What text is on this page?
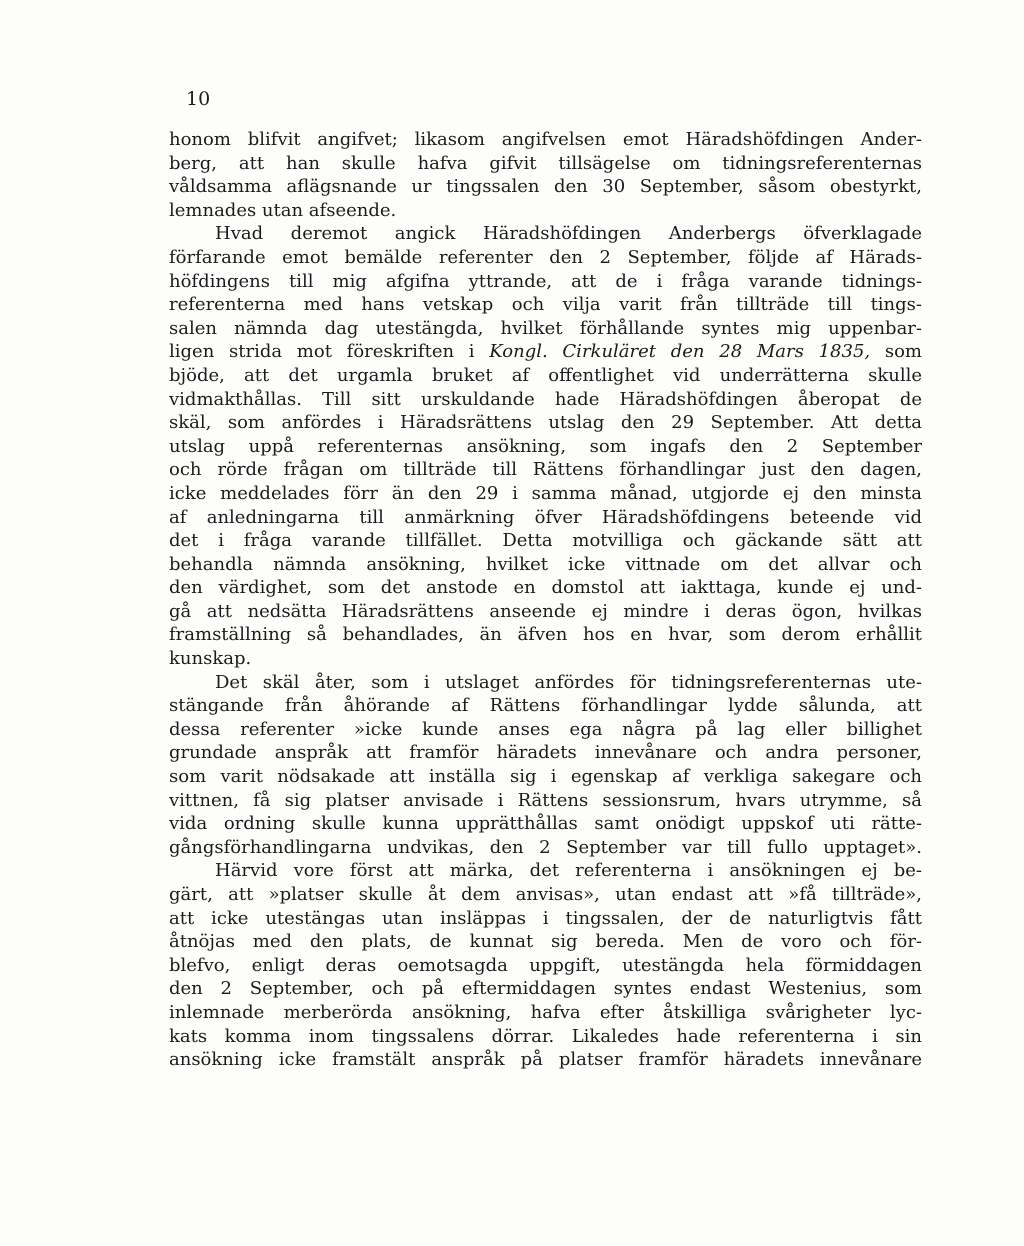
10
honom blifvit angifvet; likasom angifvelsen emot Häradshöfdingen Ander-
berg, att han skulle hafva gifvit tillsägelse om tidningsreferenternas
våldsamma aflägsnande ur tingssalen den 30 September, såsom obestyrkt,
lemnades utan afseende.
Hvad deremot angick Häradshöfdingen Anderbergs öfverklagade
förfarande emot bemälde referenter den 2 September, följde af Härads-
höfdingens till mig afgifna yttrande, att de i fråga varande tidnings-
referenterna med hans vetskap och vilja varit från tillträde till tings-
salen nämnda dag utestängda, hvilket förhållande syntes mig uppenbar-
ligen strida mot föreskriften i Kongl. Cirkuläret den 28 Mars 1835, som
bjöde, att det urgamla bruket af offentlighet vid underrätterna skulle
vidmakthållas. Till sitt urskuldande hade Häradshöfdingen åberopat de
skäl, som anfördes i Häradsrättens utslag den 29 September. Att detta
utslag uppå referenternas ansökning, som ingafs den 2 September
och rörde frågan om tillträde till Rättens förhandlingar just den dagen,
icke meddelades förr än den 29 i samma månad, utgjorde ej den minsta
af anledningarna till anmärkning öfver Häradshöfdingens beteende vid
det i fråga varande tillfället. Detta motvilliga och gäckande sätt att
behandla nämnda ansökning, hvilket icke vittnade om det allvar och
den värdighet, som det anstode en domstol att iakttaga, kunde ej und-
gå att nedsätta Häradsrättens anseende ej mindre i deras ögon, hvilkas
framställning så behandlades, än äfven hos en hvar, som derom erhållit
kunskap.
Det skäl åter, som i utslaget anfördes för tidningsreferenternas ute-
stängande från åhörande af Rättens förhandlingar lydde sålunda, att
dessa referenter »icke kunde anses ega några på lag eller billighet
grundade anspråk att framför häradets innevånare och andra personer,
som varit nödsakade att inställa sig i egenskap af verkliga sakegare och
vittnen, få sig platser anvisade i Rättens sessionsrum, hvars utrymme, så
vida ordning skulle kunna upprätthållas samt onödigt uppskof uti rätte-
gångsförhandlingarna undvikas, den 2 September var till fullo upptaget».
Härvid vore först att märka, det referenterna i ansökningen ej be-
gärt, att »platser skulle åt dem anvisas», utan endast att »få tillträde»,
att icke utestängas utan insläppas i tingssalen, der de naturligtvis fått
åtnöjas med den plats, de kunnat sig bereda. Men de voro och för-
blefvo, enligt deras oemotsagda uppgift, utestängda hela förmiddagen
den 2 September, och på eftermiddagen syntes endast Westenius, som
inlemnade merberörda ansökning, hafva efter åtskilliga svårigheter lyc-
kats komma inom tingssalens dörrar. Likaledes hade referenterna i sin
ansökning icke framstält anspråk på platser framför häradets innevånare
